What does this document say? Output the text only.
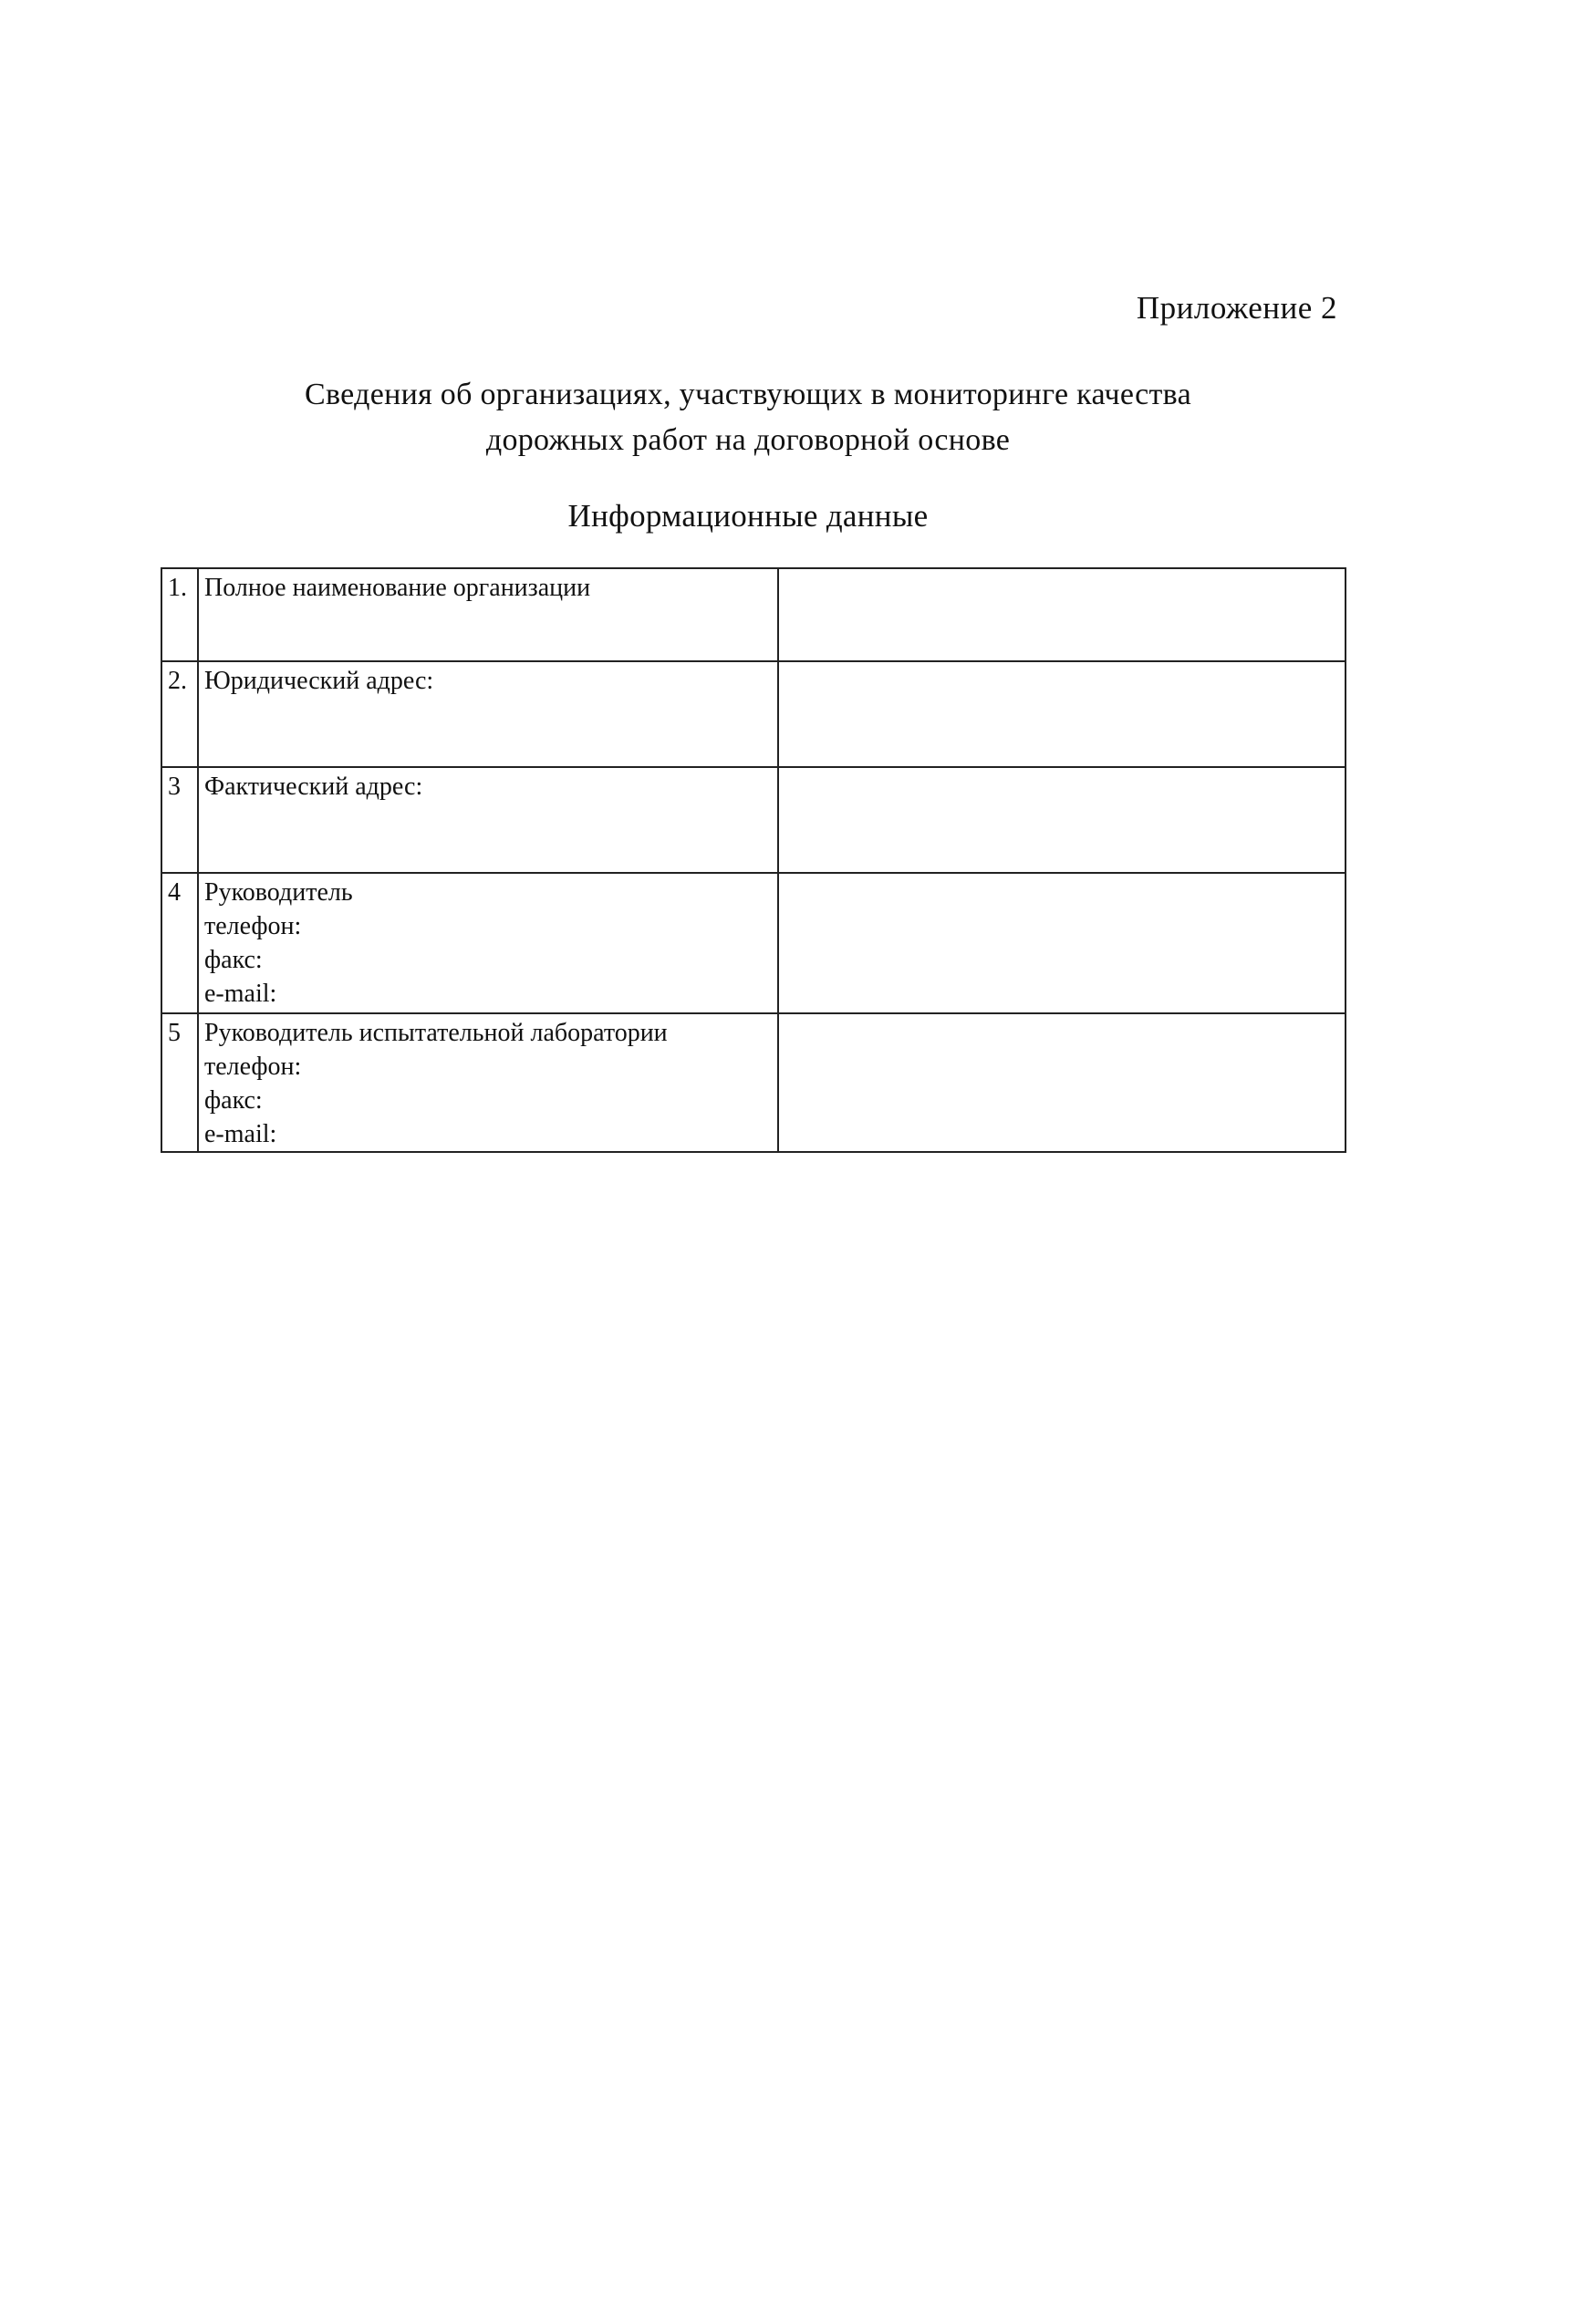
Приложение 2
Сведения об организациях, участвующих в мониторинге качества
дорожных работ на договорной основе
Информационные данные
1.	Полное наименование организации	

2.	Юридический адрес:	

3	Фактический адрес:	

4	Руководитель
телефон:
факс:
e-mail:	

5	Руководитель испытательной лаборатории
телефон:
факс:
e-mail:	
